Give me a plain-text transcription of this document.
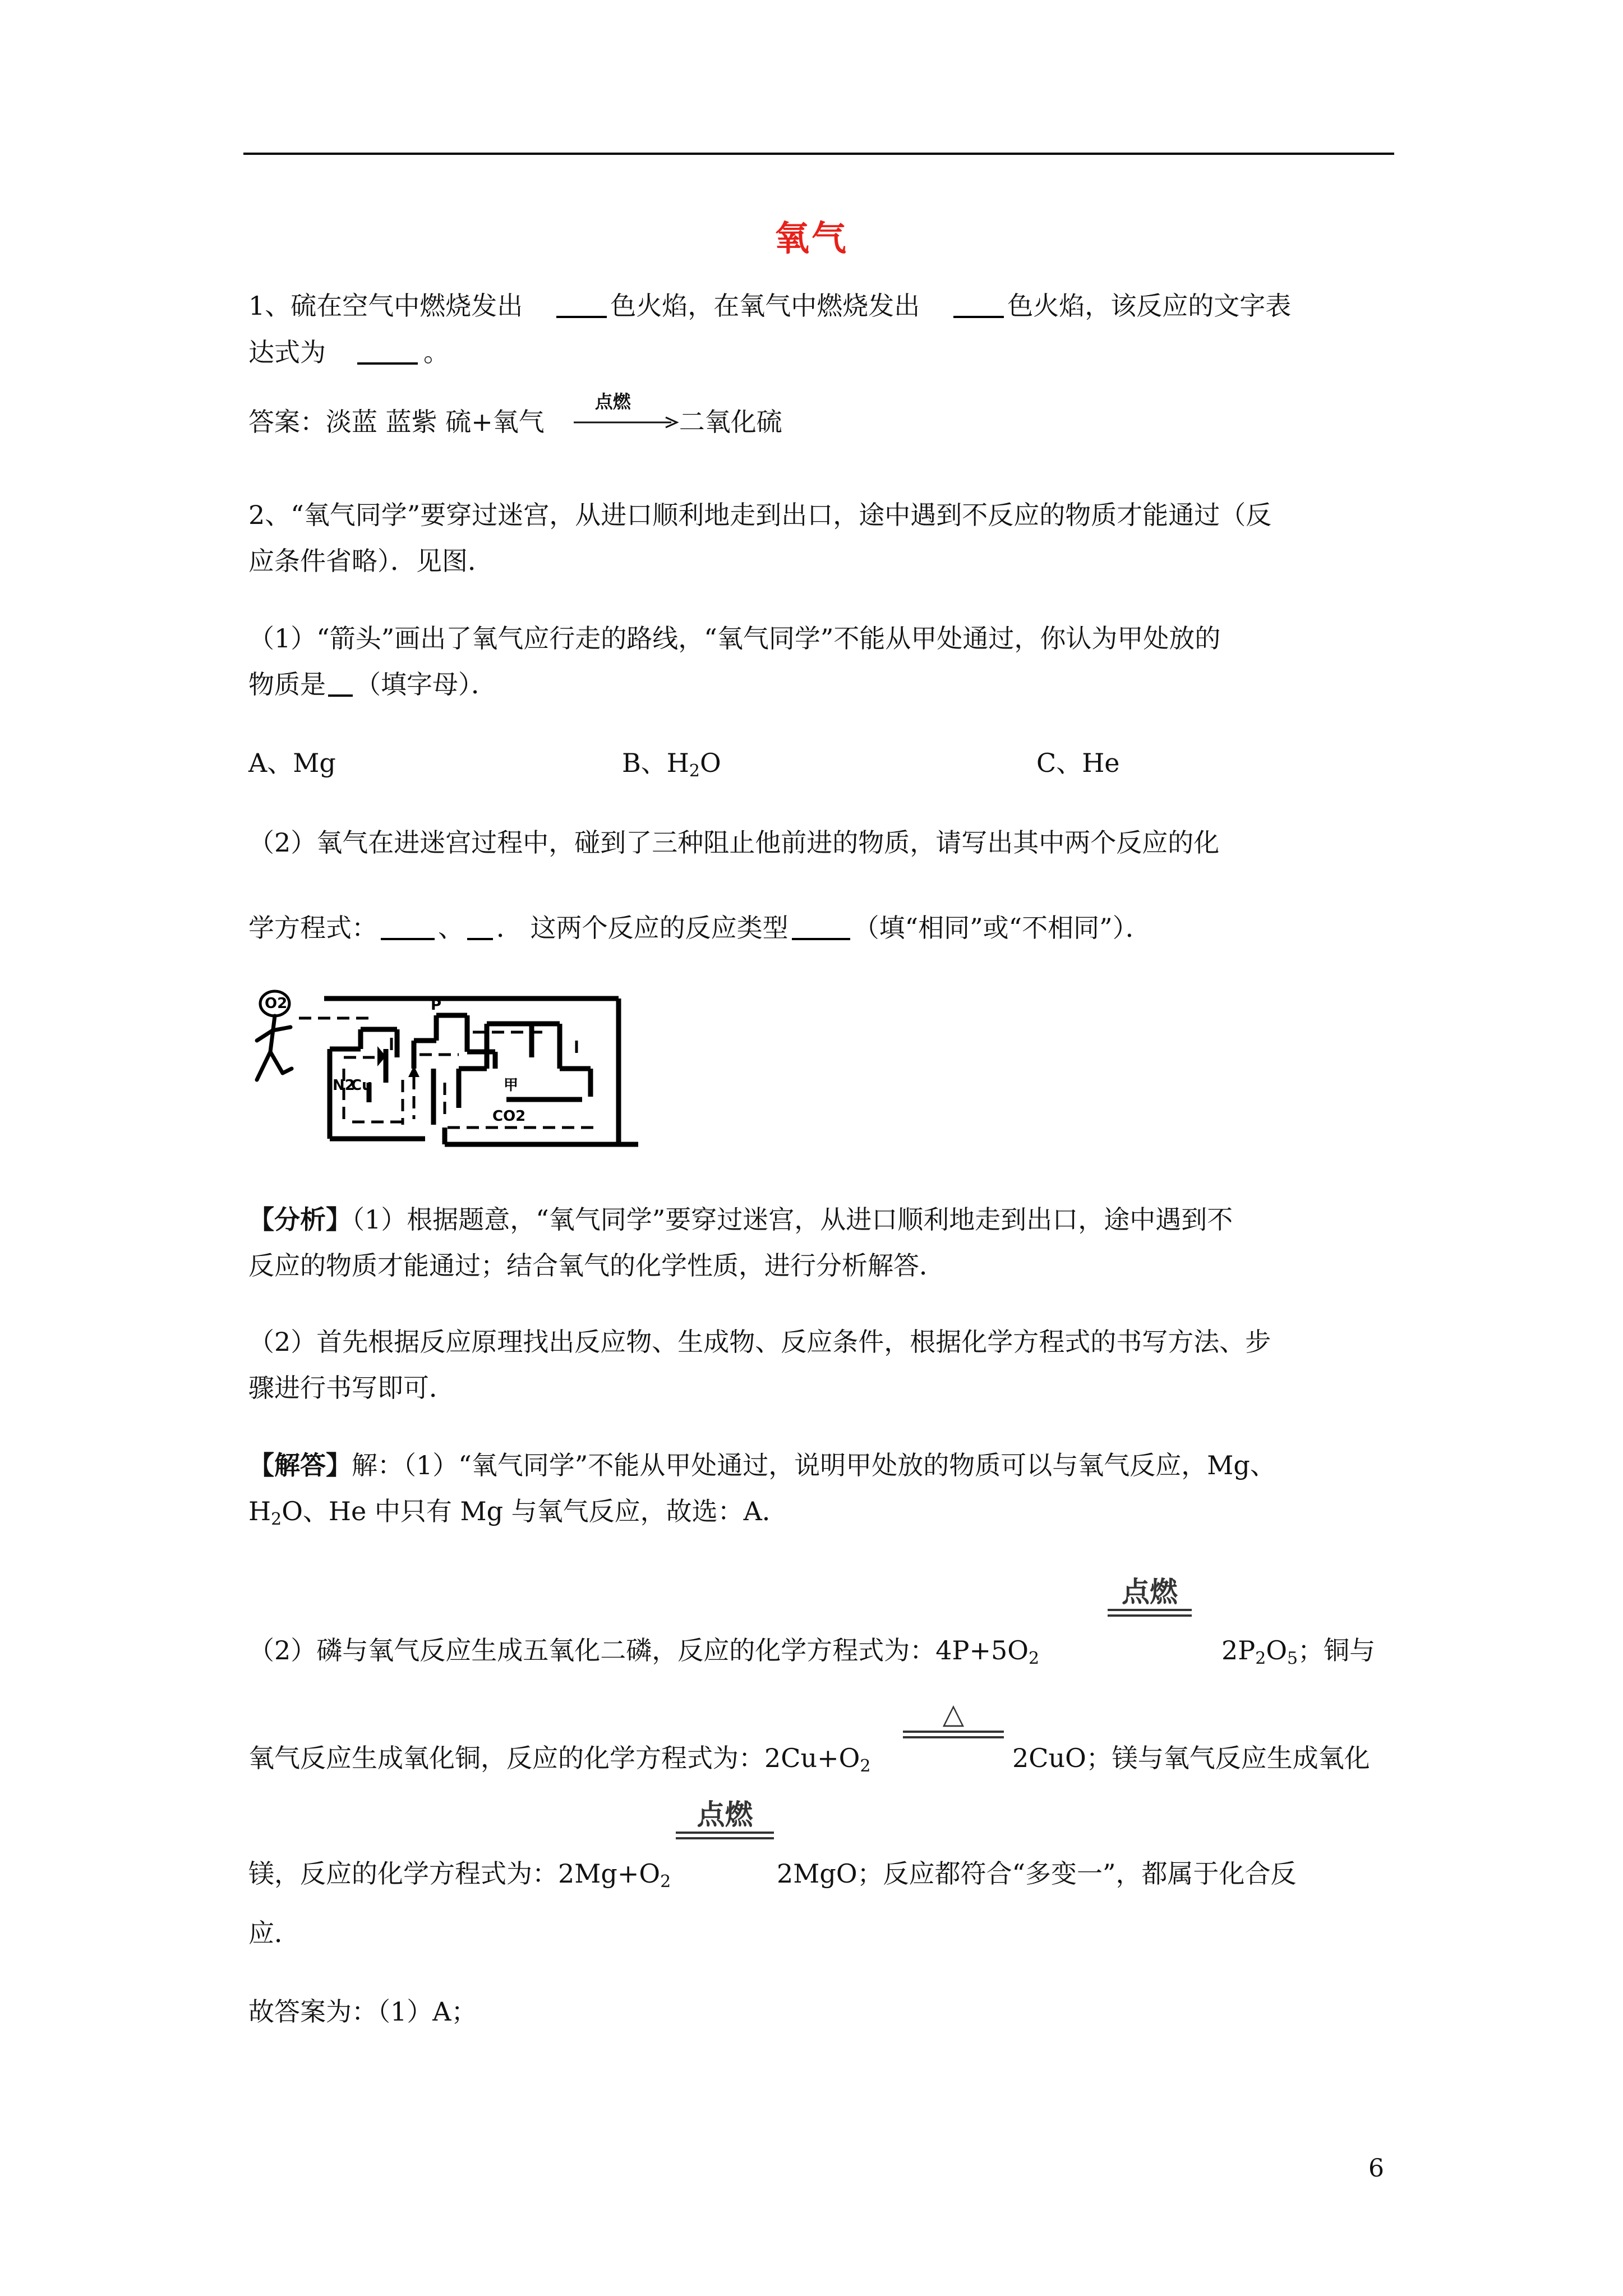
氧气
1、硫在空气中燃烧发出	色火焰，在氧气中燃烧发出	色火焰，该反应的文字表
达式为	。
答案：淡蓝 蓝紫 硫+氧气
点燃
二氧化硫
2、“氧气同学”要穿过迷宫，从进口顺利地走到出口，途中遇到不反应的物质才能通过（反
应条件省略）．见图．
（1）“箭头”画出了氧气应行走的路线，“氧气同学”不能从甲处通过，你认为甲处放的
物质是 （填字母）．
A、Mg	B、$H_2O$	C、He
（2）氧气在进迷宫过程中，碰到了三种阻止他前进的物质，请写出其中两个反应的化
学方程式： 、 ． 这两个反应的反应类型	（填“相同”或“不相同”）．
O2	P
N2
Cu	甲
CO2
【分析】（1）根据题意，“氧气同学”要穿过迷宫，从进口顺利地走到出口，途中遇到不
反应的物质才能通过；结合氧气的化学性质，进行分析解答．
（2）首先根据反应原理找出反应物、生成物、反应条件，根据化学方程式的书写方法、步
骤进行书写即可．
【解答】解：（1）“氧气同学”不能从甲处通过，说明甲处放的物质可以与氧气反应，Mg、
$H_2O$、He 中只有 Mg 与氧气反应，故选：A．
点燃
（2）磷与氧气反应生成五氧化二磷，反应的化学方程式为：$4P+5O_2$	$2P_2O_5$；铜与
△
氧气反应生成氧化铜，反应的化学方程式为：$2Cu+O_2$	2CuO；镁与氧气反应生成氧化
点燃
镁，反应的化学方程式为：$2Mg+O_2$	2MgO；反应都符合“多变一”，都属于化合反
应．
故答案为：（1）A；
6
